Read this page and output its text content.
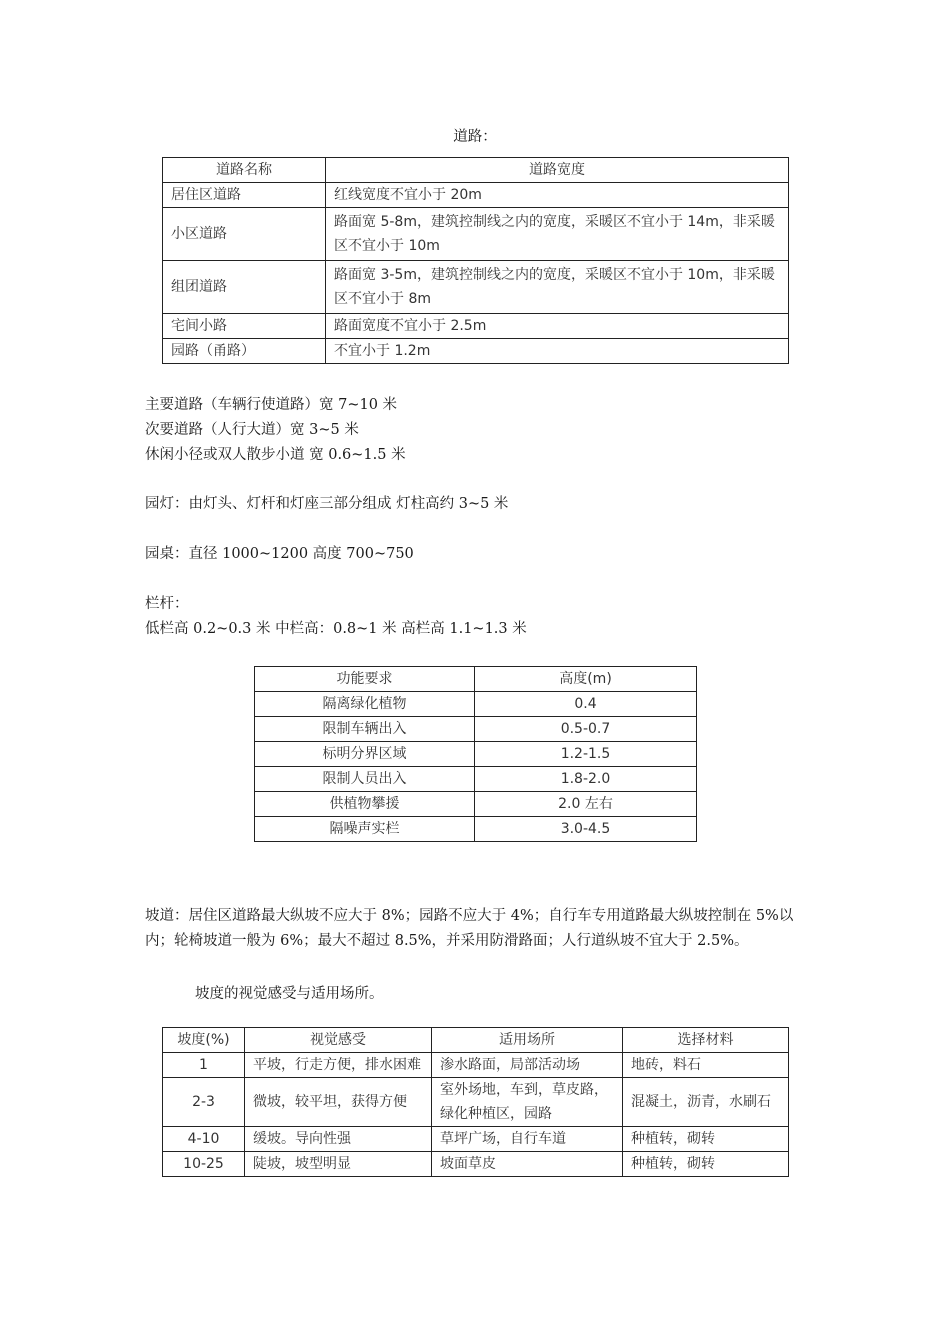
道路：
道路名称	道路宽度
居住区道路	红线宽度不宜小于 20m
小区道路	路面宽 5-8m，建筑控制线之内的宽度，采暖区不宜小于 14m，非采暖区不宜小于 10m
组团道路	路面宽 3-5m，建筑控制线之内的宽度，采暖区不宜小于 10m，非采暖区不宜小于 8m
宅间小路	路面宽度不宜小于 2.5m
园路（甬路）	不宜小于 1.2m
主要道路（车辆行使道路）宽 7~10 米
次要道路（人行大道）宽 3~5 米
休闲小径或双人散步小道 宽 0.6~1.5 米
园灯：由灯头、灯杆和灯座三部分组成 灯柱高约 3~5 米
园桌：直径 1000~1200 高度 700~750
栏杆：
低栏高 0.2~0.3 米 中栏高：0.8~1 米 高栏高 1.1~1.3 米
功能要求	高度(m)
隔离绿化植物	0.4
限制车辆出入	0.5-0.7
标明分界区域	1.2-1.5
限制人员出入	1.8-2.0
供植物攀援	2.0 左右
隔噪声实栏	3.0-4.5
坡道：居住区道路最大纵坡不应大于 8%；园路不应大于 4%；自行车专用道路最大纵坡控制在 5%以内；轮椅坡道一般为 6%；最大不超过 8.5%，并采用防滑路面；人行道纵坡不宜大于 2.5%。
坡度的视觉感受与适用场所。
坡度(%)	视觉感受	适用场所	选择材料
1	平坡，行走方便，排水困难	渗水路面，局部活动场	地砖，料石
2-3	微坡，较平坦，获得方便	室外场地，车到，草皮路，绿化种植区，园路	混凝土，沥青，水刷石
4-10	缓坡。导向性强	草坪广场，自行车道	种植转，砌转
10-25	陡坡，坡型明显	坡面草皮	种植转，砌转
